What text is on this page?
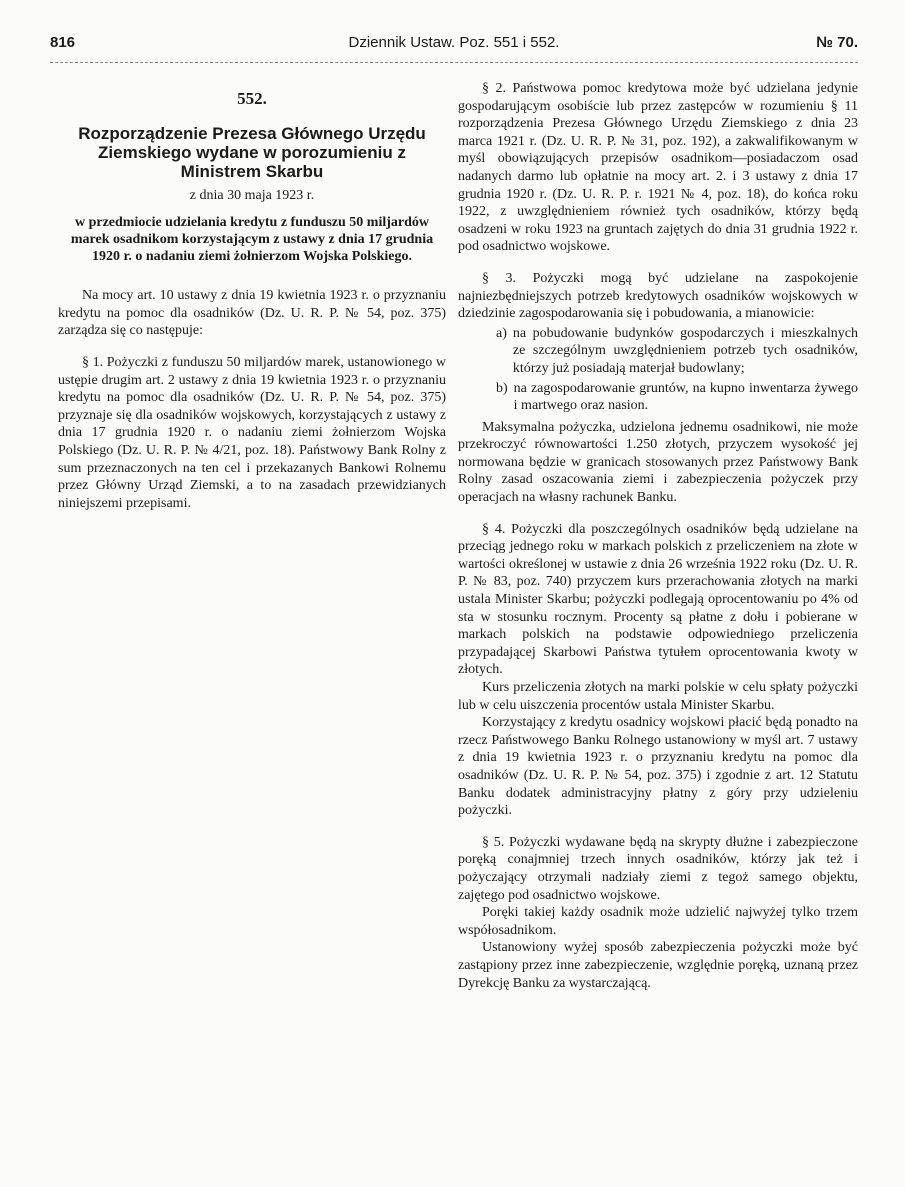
816	Dziennik Ustaw. Poz. 551 i 552.	№ 70.

552.

Rozporządzenie Prezesa Głównego Urzędu Ziemskiego wydane w porozumieniu z Ministrem Skarbu

z dnia 30 maja 1923 r.

w przedmiocie udzielania kredytu z funduszu 50 miljardów marek osadnikom korzystającym z ustawy z dnia 17 grudnia 1920 r. o nadaniu ziemi żołnierzom Wojska Polskiego.

Na mocy art. 10 ustawy z dnia 19 kwietnia 1923 r. o przyznaniu kredytu na pomoc dla osadników (Dz. U. R. P. № 54, poz. 375) zarządza się co następuje:

§ 1. Pożyczki z funduszu 50 miljardów marek, ustanowionego w ustępie drugim art. 2 ustawy z dnia 19 kwietnia 1923 r. o przyznaniu kredytu na pomoc dla osadników (Dz. U. R. P. № 54, poz. 375) przyznaje się dla osadników wojskowych, korzystających z ustawy z dnia 17 grudnia 1920 r. o nadaniu ziemi żołnierzom Wojska Polskiego (Dz. U. R. P. № 4/21, poz. 18). Państwowy Bank Rolny z sum przeznaczonych na ten cel i przekazanych Bankowi Rolnemu przez Główny Urząd Ziemski, a to na zasadach przewidzianych niniejszemi przepisami.

§ 2. Państwowa pomoc kredytowa może być udzielana jedynie gospodarującym osobiście lub przez zastępców w rozumieniu § 11 rozporządzenia Prezesa Głównego Urzędu Ziemskiego z dnia 23 marca 1921 r. (Dz. U. R. P. № 31, poz. 192), a zakwalifikowanym w myśl obowiązujących przepisów osadnikom—posiadaczom osad nadanych darmo lub opłatnie na mocy art. 2. i 3 ustawy z dnia 17 grudnia 1920 r. (Dz. U. R. P. r. 1921 № 4, poz. 18), do końca roku 1922, z uwzględnieniem również tych osadników, którzy będą osadzeni w roku 1923 na gruntach zajętych do dnia 31 grudnia 1922 r. pod osadnictwo wojskowe.

§ 3. Pożyczki mogą być udzielane na zaspokojenie najniezbędniejszych potrzeb kredytowych osadników wojskowych w dziedzinie zagospodarowania się i pobudowania, a mianowicie:

a) na pobudowanie budynków gospodarczych i mieszkalnych ze szczególnym uwzględnieniem potrzeb tych osadników, którzy już posiadają materjał budowlany;
b) na zagospodarowanie gruntów, na kupno inwentarza żywego i martwego oraz nasion.

Maksymalna pożyczka, udzielona jednemu osadnikowi, nie może przekroczyć równowartości 1.250 złotych, przyczem wysokość jej normowana będzie w granicach stosowanych przez Państwowy Bank Rolny zasad oszacowania ziemi i zabezpieczenia pożyczek przy operacjach na własny rachunek Banku.

§ 4. Pożyczki dla poszczególnych osadników będą udzielane na przeciąg jednego roku w markach polskich z przeliczeniem na złote w wartości określonej w ustawie z dnia 26 września 1922 roku (Dz. U. R. P. № 83, poz. 740) przyczem kurs przerachowania złotych na marki ustala Minister Skarbu; pożyczki podlegają oprocentowaniu po 4% od sta w stosunku rocznym. Procenty są płatne z dołu i pobierane w markach polskich na podstawie odpowiedniego przeliczenia przypadającej Skarbowi Państwa tytułem oprocentowania kwoty w złotych.

Kurs przeliczenia złotych na marki polskie w celu spłaty pożyczki lub w celu uiszczenia procentów ustala Minister Skarbu.

Korzystający z kredytu osadnicy wojskowi płacić będą ponadto na rzecz Państwowego Banku Rolnego ustanowiony w myśl art. 7 ustawy z dnia 19 kwietnia 1923 r. o przyznaniu kredytu na pomoc dla osadników (Dz. U. R. P. № 54, poz. 375) i zgodnie z art. 12 Statutu Banku dodatek administracyjny płatny z góry przy udzieleniu pożyczki.

§ 5. Pożyczki wydawane będą na skrypty dłużne i zabezpieczone poręką conajmniej trzech innych osadników, którzy jak też i pożyczający otrzymali nadziały ziemi z tegoż samego objektu, zajętego pod osadnictwo wojskowe.

Poręki takiej każdy osadnik może udzielić najwyżej tylko trzem współosadnikom.

Ustanowiony wyżej sposób zabezpieczenia pożyczki może być zastąpiony przez inne zabezpieczenie, względnie poręką, uznaną przez Dyrekcję Banku za wystarczającą.
